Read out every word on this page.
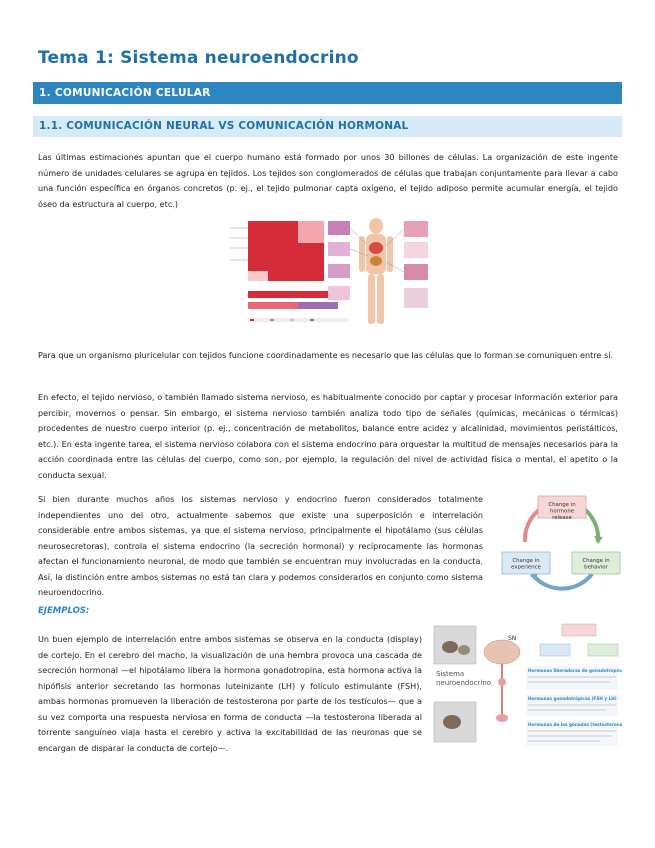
Tema 1: Sistema neuroendocrino
1. COMUNICACIÓN CELULAR
1.1. COMUNICACIÓN NEURAL VS COMUNICACIÓN HORMONAL

Las últimas estimaciones apuntan que el cuerpo humano está formado por unos 30 billones de células. La organización de este ingente número de unidades celulares se agrupa en tejidos. Los tejidos son conglomerados de células que trabajan conjuntamente para llevar a cabo una función específica en órganos concretos (p. ej., el tejido pulmonar capta oxígeno, el tejido adiposo permite acumular energía, el tejido óseo da estructura al cuerpo, etc.)

Para que un organismo pluricelular con tejidos funcione coordinadamente es necesario que las células que lo forman se comuniquen entre sí.

En efecto, el tejido nervioso, o también llamado sistema nervioso, es habitualmente conocido por captar y procesar información exterior para percibir, movernos o pensar. Sin embargo, el sistema nervioso también analiza todo tipo de señales (químicas, mecánicas o térmicas) procedentes de nuestro cuerpo interior (p. ej., concentración de metabolitos, balance entre acidez y alcalinidad, movimientos peristálticos, etc.). En esta ingente tarea, el sistema nervioso colabora con el sistema endocrino para orquestar la multitud de mensajes necesarios para la acción coordinada entre las células del cuerpo, como son, por ejemplo, la regulación del nivel de actividad física o mental, el apetito o la conducta sexual.

Si bien durante muchos años los sistemas nervioso y endocrino fueron considerados totalmente independientes uno del otro, actualmente sabemos que existe una superposición e interrelación considerable entre ambos sistemas, ya que el sistema nervioso, principalmente el hipotálamo (sus células neurosecretoras), controla el sistema endocrino (la secreción hormonal) y recíprocamente las hormonas afectan el funcionamiento neuronal, de modo que también se encuentran muy involucradas en la conducta. Así, la distinción entre ambos sistemas no está tan clara y podemos considerarlos en conjunto como sistema neuroendocrino.

Change in hormone release
Change in experience
Change in behavior
EJEMPLOS:

Un buen ejemplo de interrelación entre ambos sistemas se observa en la conducta (display) de cortejo. En el cerebro del macho, la visualización de una hembra provoca una cascada de secreción hormonal —el hipotálamo libera la hormona gonadotropina, esta hormona activa la hipófisis anterior secretando las hormonas luteinizante (LH) y folículo estimulante (FSH), ambas hormonas promueven la liberación de testosterona por parte de los testículos— que a su vez comporta una respuesta nerviosa en forma de conducta —la testosterona liberada al torrente sanguíneo viaja hasta el cerebro y activa la excitabilidad de las neuronas que se encargan de disparar la conducta de cortejo—.

Sistema
neuroendocrino
SN
Hormonas liberadoras de gonadotropinas
Hormonas gonadotrópicas (FSH y LH)
Hormonas de las gónadas (testosterona)
